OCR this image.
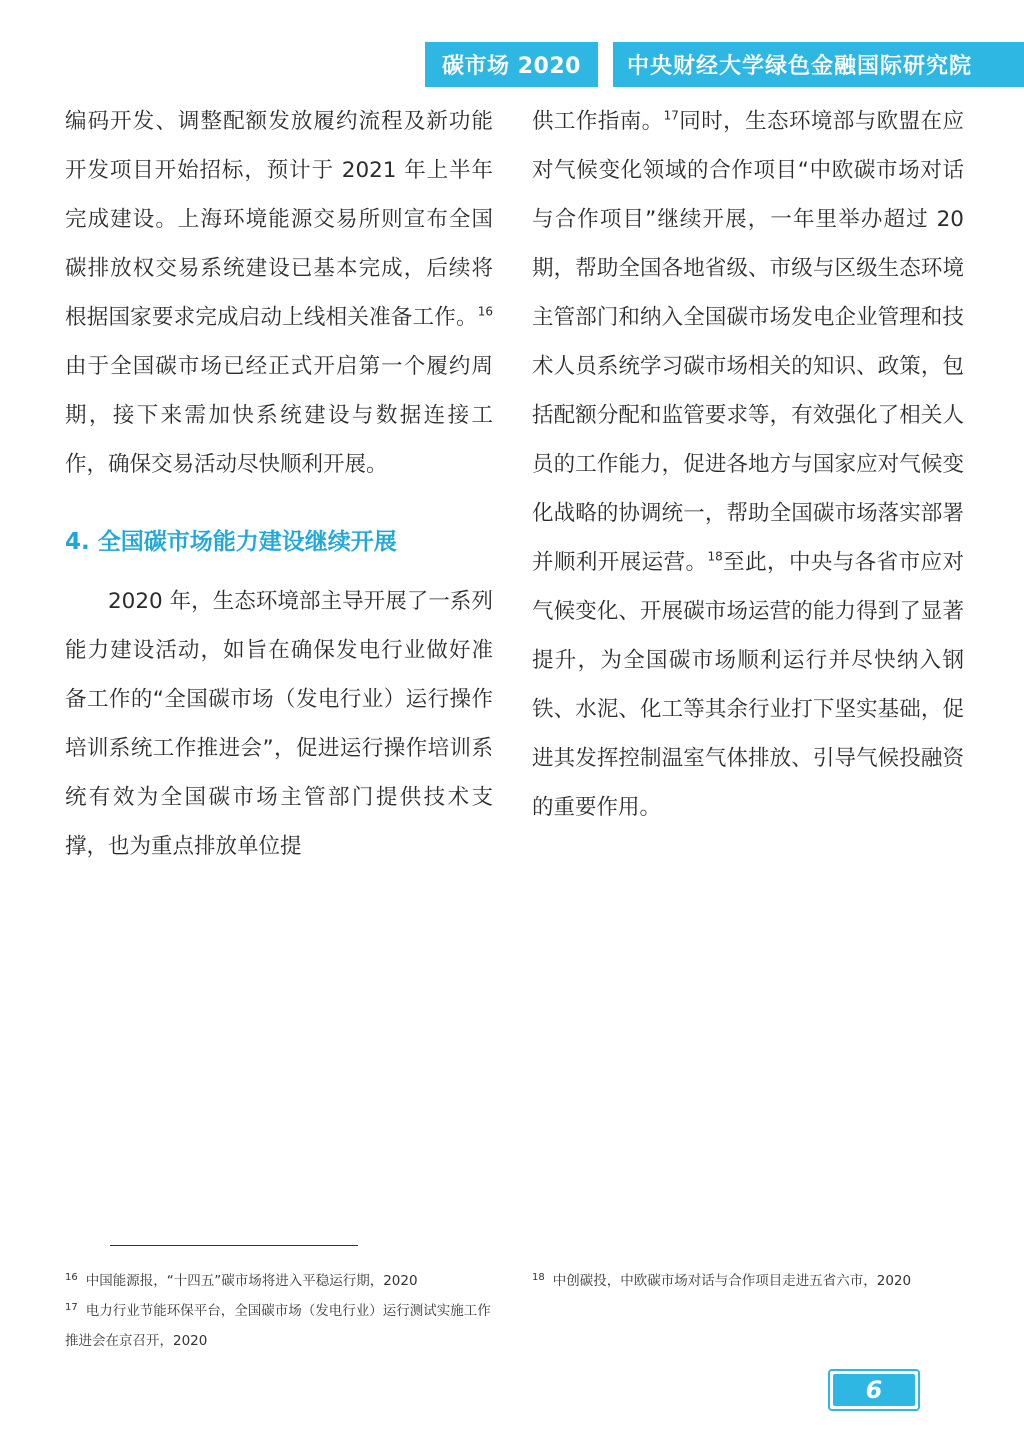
碳市场 2020 中央财经大学绿色金融国际研究院

编码开发、调整配额发放履约流程及新功能开发项目开始招标，预计于 2021 年上半年完成建设。上海环境能源交易所则宣布全国碳排放权交易系统建设已基本完成，后续将根据国家要求完成启动上线相关准备工作。$^{16}$由于全国碳市场已经正式开启第一个履约周期，接下来需加快系统建设与数据连接工作，确保交易活动尽快顺利开展。

4. 全国碳市场能力建设继续开展

2020 年，生态环境部主导开展了一系列能力建设活动，如旨在确保发电行业做好准备工作的“全国碳市场（发电行业）运行操作培训系统工作推进会”，促进运行操作培训系统有效为全国碳市场主管部门提供技术支撑，也为重点排放单位提

供工作指南。$^{17}$同时，生态环境部与欧盟在应对气候变化领域的合作项目“中欧碳市场对话与合作项目”继续开展，一年里举办超过 20 期，帮助全国各地省级、市级与区级生态环境主管部门和纳入全国碳市场发电企业管理和技术人员系统学习碳市场相关的知识、政策，包括配额分配和监管要求等，有效强化了相关人员的工作能力，促进各地方与国家应对气候变化战略的协调统一，帮助全国碳市场落实部署并顺利开展运营。$^{18}$至此，中央与各省市应对气候变化、开展碳市场运营的能力得到了显著提升，为全国碳市场顺利运行并尽快纳入钢铁、水泥、化工等其余行业打下坚实基础，促进其发挥控制温室气体排放、引导气候投融资的重要作用。

$^{16}$ 中国能源报，“十四五”碳市场将进入平稳运行期，2020

$^{17}$ 电力行业节能环保平台，全国碳市场（发电行业）运行测试实施工作推进会在京召开，2020

$^{18}$ 中创碳投，中欧碳市场对话与合作项目走进五省六市，2020

6
